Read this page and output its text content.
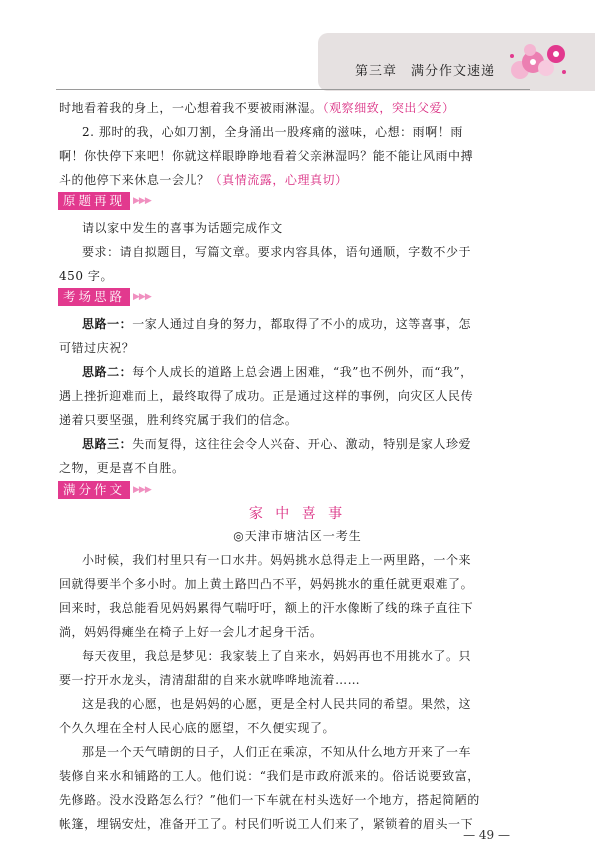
第三章　满分作文速递
时地看着我的身上，一心想着我不要被雨淋湿。（观察细致，突出父爱）
2. 那时的我，心如刀割，全身涌出一股疼痛的滋味，心想：雨啊！雨
啊！你快停下来吧！你就这样眼睁睁地看着父亲淋湿吗？能不能让风雨中搏
斗的他停下来休息一会儿？（真情流露，心理真切）
原题再现 ▶▶▶
请以家中发生的喜事为话题完成作文
要求：请自拟题目，写篇文章。要求内容具体，语句通顺，字数不少于
450 字。
考场思路 ▶▶▶
思路一：一家人通过自身的努力，都取得了不小的成功，这等喜事，怎
可错过庆祝？
思路二：每个人成长的道路上总会遇上困难，“我”也不例外，而“我”，
遇上挫折迎难而上，最终取得了成功。正是通过这样的事例，向灾区人民传
递着只要坚强，胜利终究属于我们的信念。
思路三：失而复得，这往往会令人兴奋、开心、激动，特别是家人珍爱
之物，更是喜不自胜。
满分作文 ▶▶▶
家 中 喜 事
◎天津市塘沽区一考生
小时候，我们村里只有一口水井。妈妈挑水总得走上一两里路，一个来
回就得要半个多小时。加上黄土路凹凸不平，妈妈挑水的重任就更艰难了。
回来时，我总能看见妈妈累得气喘吁吁，额上的汗水像断了线的珠子直往下
淌，妈妈得瘫坐在椅子上好一会儿才起身干活。
每天夜里，我总是梦见：我家装上了自来水，妈妈再也不用挑水了。只
要一拧开水龙头，清清甜甜的自来水就哗哗地流着……
这是我的心愿，也是妈妈的心愿，更是全村人民共同的希望。果然，这
个久久埋在全村人民心底的愿望，不久便实现了。
那是一个天气晴朗的日子，人们正在乘凉，不知从什么地方开来了一车
装修自来水和铺路的工人。他们说：“我们是市政府派来的。俗话说要致富，
先修路。没水没路怎么行？”他们一下车就在村头选好一个地方，搭起简陋的
帐篷，埋锅安灶，准备开工了。村民们听说工人们来了，紧锁着的眉头一下
— 49 —
